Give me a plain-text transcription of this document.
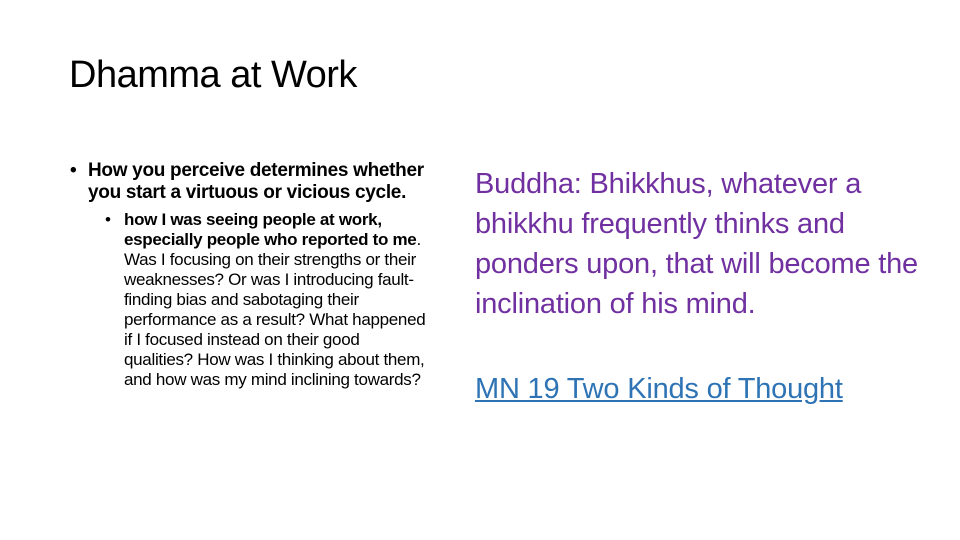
Dhamma at Work
• How you perceive determines whether you start a virtuous or vicious cycle.
• how I was seeing people at work, especially people who reported to me. Was I focusing on their strengths or their weaknesses? Or was I introducing fault-finding bias and sabotaging their performance as a result? What happened if I focused instead on their good qualities? How was I thinking about them, and how was my mind inclining towards?
Buddha: Bhikkhus, whatever a bhikkhu frequently thinks and ponders upon, that will become the inclination of his mind.
MN 19 Two Kinds of Thought
